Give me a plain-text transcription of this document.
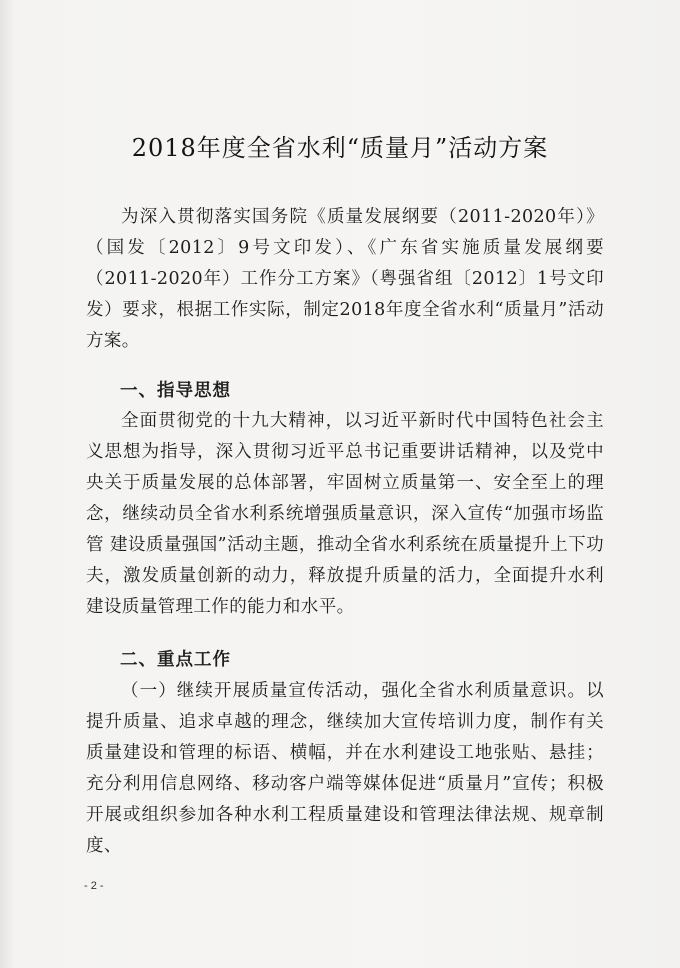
2018年度全省水利“质量月”活动方案

为深入贯彻落实国务院《质量发展纲要（2011-2020年）》（国发〔2012〕9号文印发）、《广东省实施质量发展纲要（2011-2020年）工作分工方案》（粤强省组〔2012〕1号文印发）要求，根据工作实际，制定2018年度全省水利“质量月”活动方案。

一、指导思想

全面贯彻党的十九大精神，以习近平新时代中国特色社会主义思想为指导，深入贯彻习近平总书记重要讲话精神，以及党中央关于质量发展的总体部署，牢固树立质量第一、安全至上的理念，继续动员全省水利系统增强质量意识，深入宣传“加强市场监管 建设质量强国”活动主题，推动全省水利系统在质量提升上下功夫，激发质量创新的动力，释放提升质量的活力，全面提升水利建设质量管理工作的能力和水平。

二、重点工作

（一）继续开展质量宣传活动，强化全省水利质量意识。以提升质量、追求卓越的理念，继续加大宣传培训力度，制作有关质量建设和管理的标语、横幅，并在水利建设工地张贴、悬挂；充分利用信息网络、移动客户端等媒体促进“质量月”宣传；积极开展或组织参加各种水利工程质量建设和管理法律法规、规章制度、

- 2 -
